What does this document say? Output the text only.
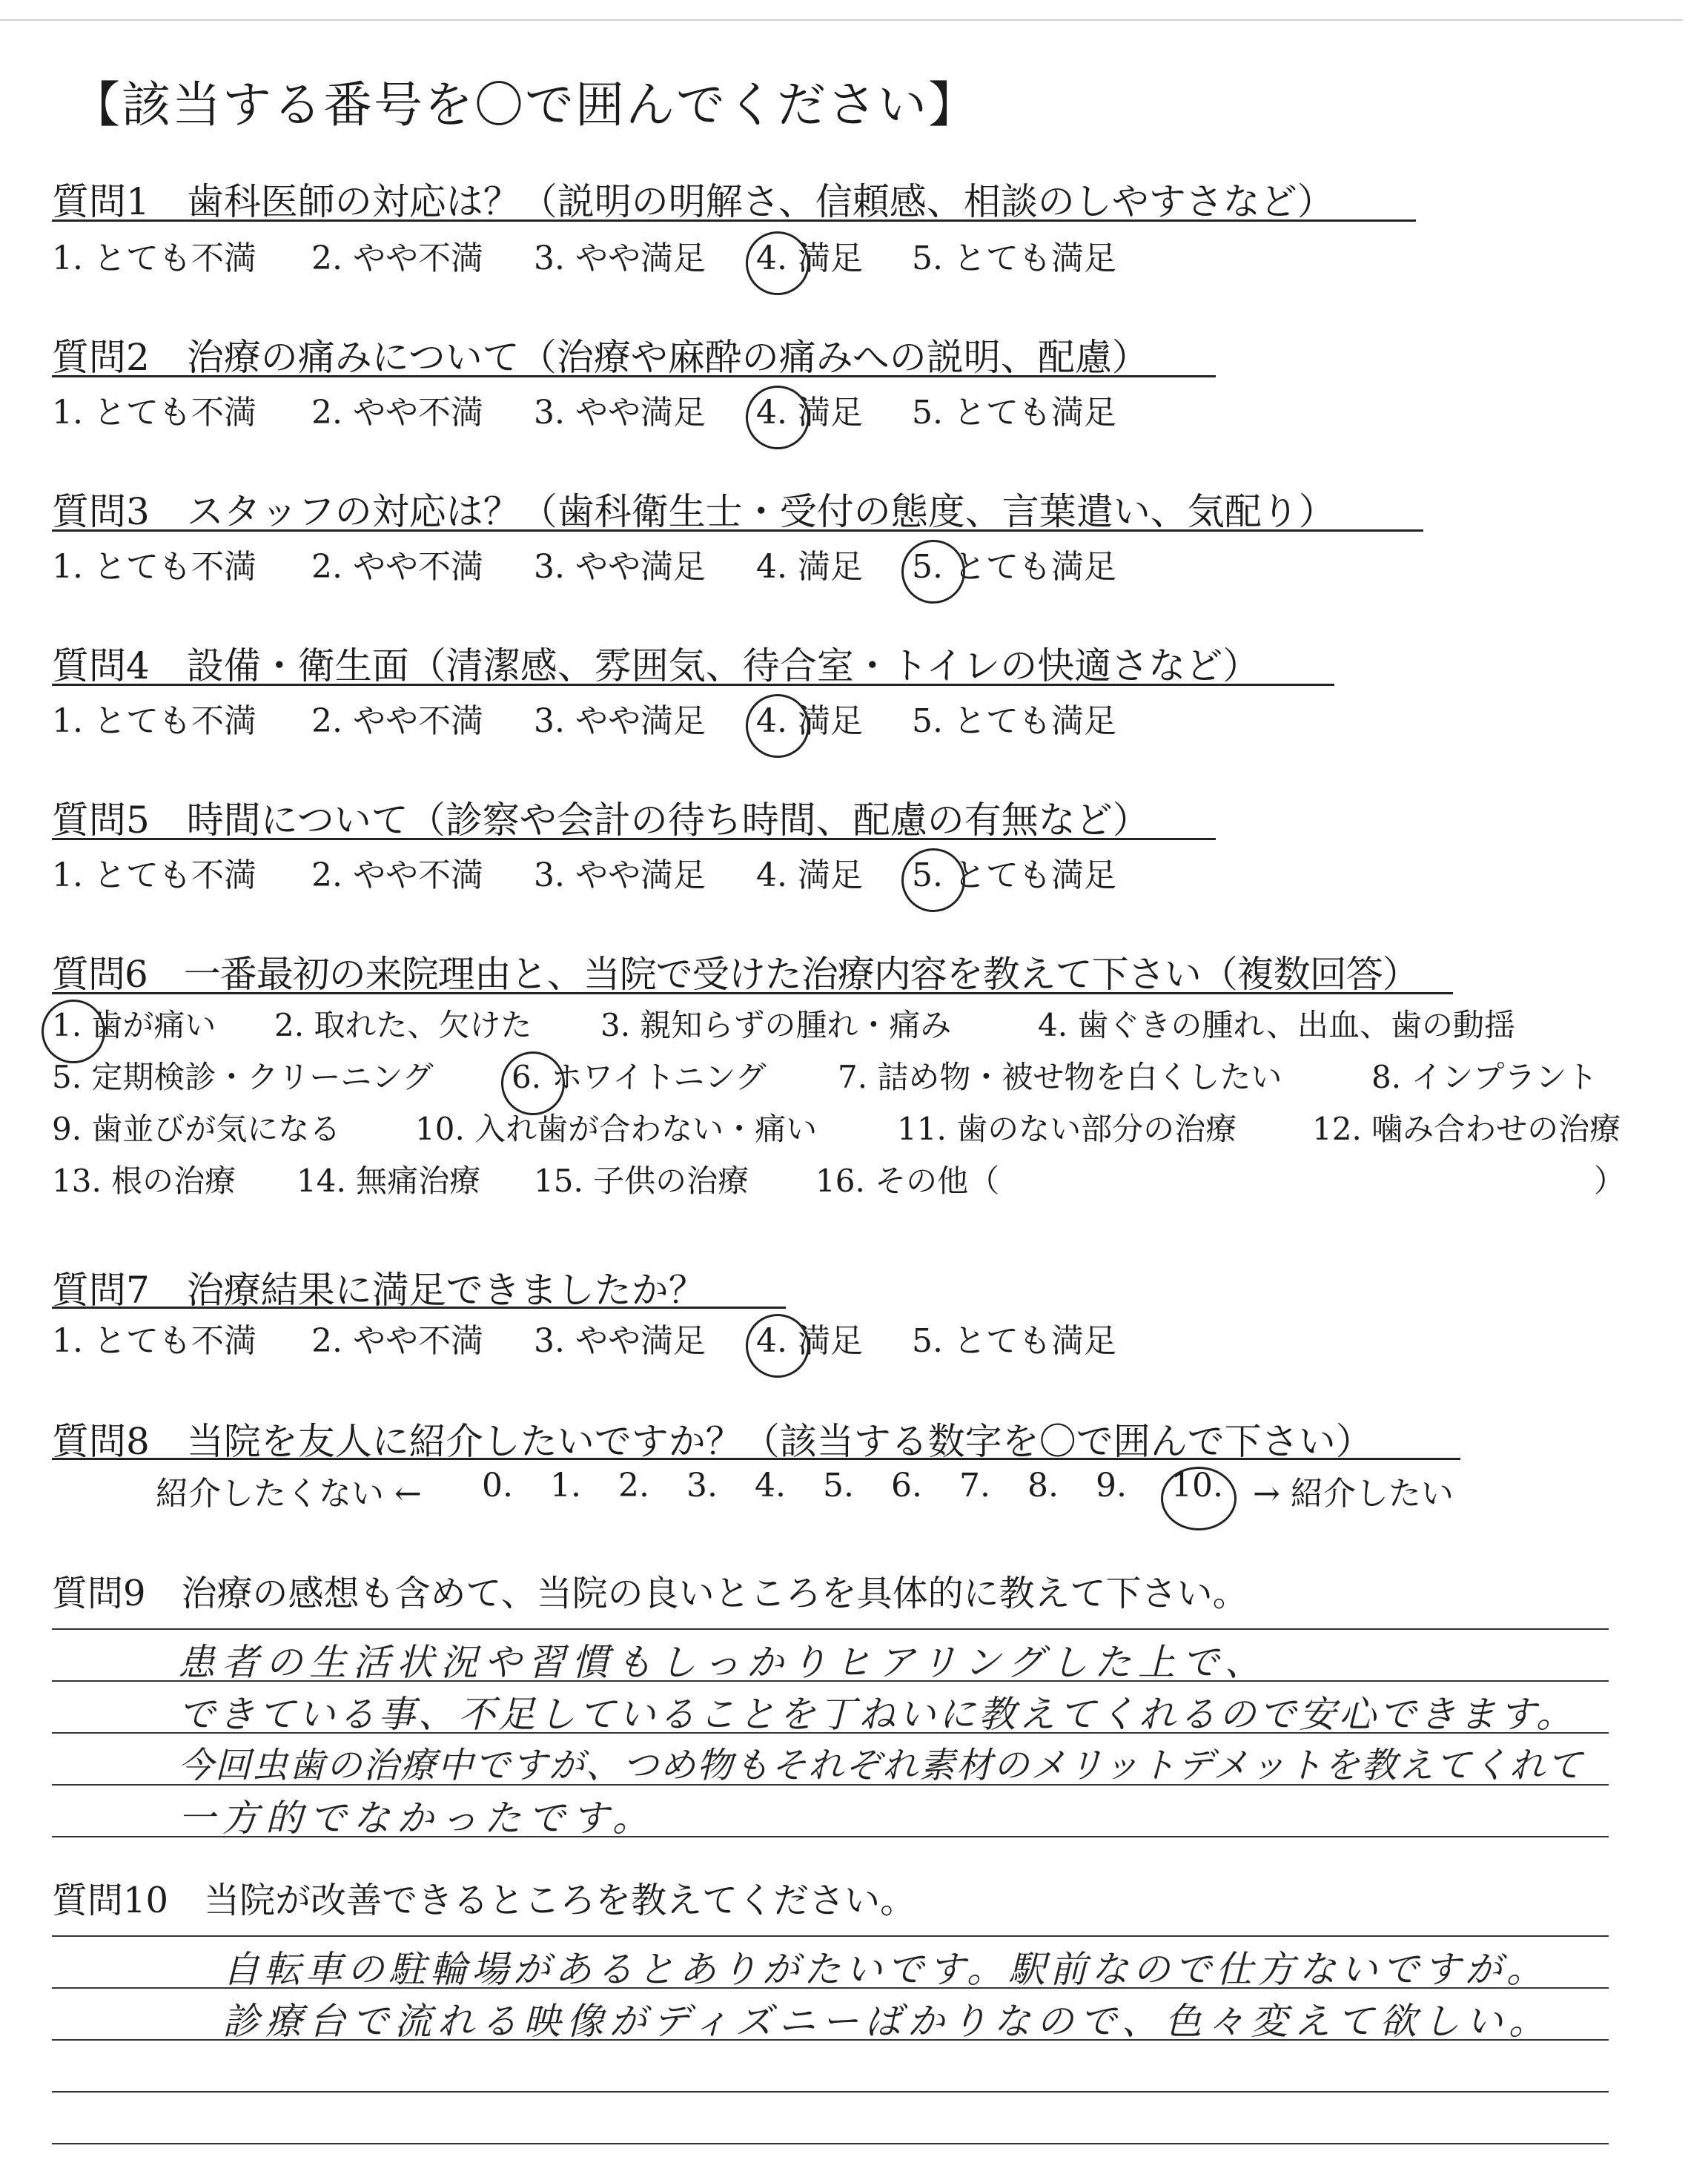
【該当する番号を〇で囲んでください】
質問1　歯科医師の対応は？（説明の明解さ、信頼感、相談のしやすさなど）
1. とても不満 2. やや不満 3. やや満足 4. 満足 5. とても満足
質問2　治療の痛みについて（治療や麻酔の痛みへの説明、配慮）
1. とても不満 2. やや不満 3. やや満足 4. 満足 5. とても満足
質問3　スタッフの対応は？（歯科衛生士・受付の態度、言葉遣い、気配り）
1. とても不満 2. やや不満 3. やや満足 4. 満足 5. とても満足
質問4　設備・衛生面（清潔感、雰囲気、待合室・トイレの快適さなど）
1. とても不満 2. やや不満 3. やや満足 4. 満足 5. とても満足
質問5　時間について（診察や会計の待ち時間、配慮の有無など）
1. とても不満 2. やや不満 3. やや満足 4. 満足 5. とても満足
質問6　一番最初の来院理由と、当院で受けた治療内容を教えて下さい（複数回答）
1. 歯が痛い 2. 取れた、欠けた 3. 親知らずの腫れ・痛み	4. 歯ぐきの腫れ、出血、歯の動揺
5. 定期検診・クリーニング	6. ホワイトニング 7. 詰め物・被せ物を白くしたい	8. インプラント
9. 歯並びが気になる 10. 入れ歯が合わない・痛い	11. 歯のない部分の治療 12. 噛み合わせの治療
13. 根の治療 14. 無痛治療 15. 子供の治療 16. その他（	）
質問7　治療結果に満足できましたか？
1. とても不満 2. やや不満 3. やや満足 4. 満足 5. とても満足
質問8　当院を友人に紹介したいですか？（該当する数字を〇で囲んで下さい）
紹介したくない ← 0. 1. 2. 3. 4. 5. 6. 7. 8. 9. 10. → 紹介したい
質問9　治療の感想も含めて、当院の良いところを具体的に教えて下さい。
患者の生活状況や習慣もしっかりヒアリングした上で、
できている事、不足していることを丁ねいに教えてくれるので安心できます。
今回虫歯の治療中ですが、つめ物もそれぞれ素材のメリットデメットを教えてくれて
一方的でなかったです。
質問10　当院が改善できるところを教えてください。
自転車の駐輪場があるとありがたいです。駅前なので仕方ないですが。
診療台で流れる映像がディズニーばかりなので、色々変えて欲しい。
